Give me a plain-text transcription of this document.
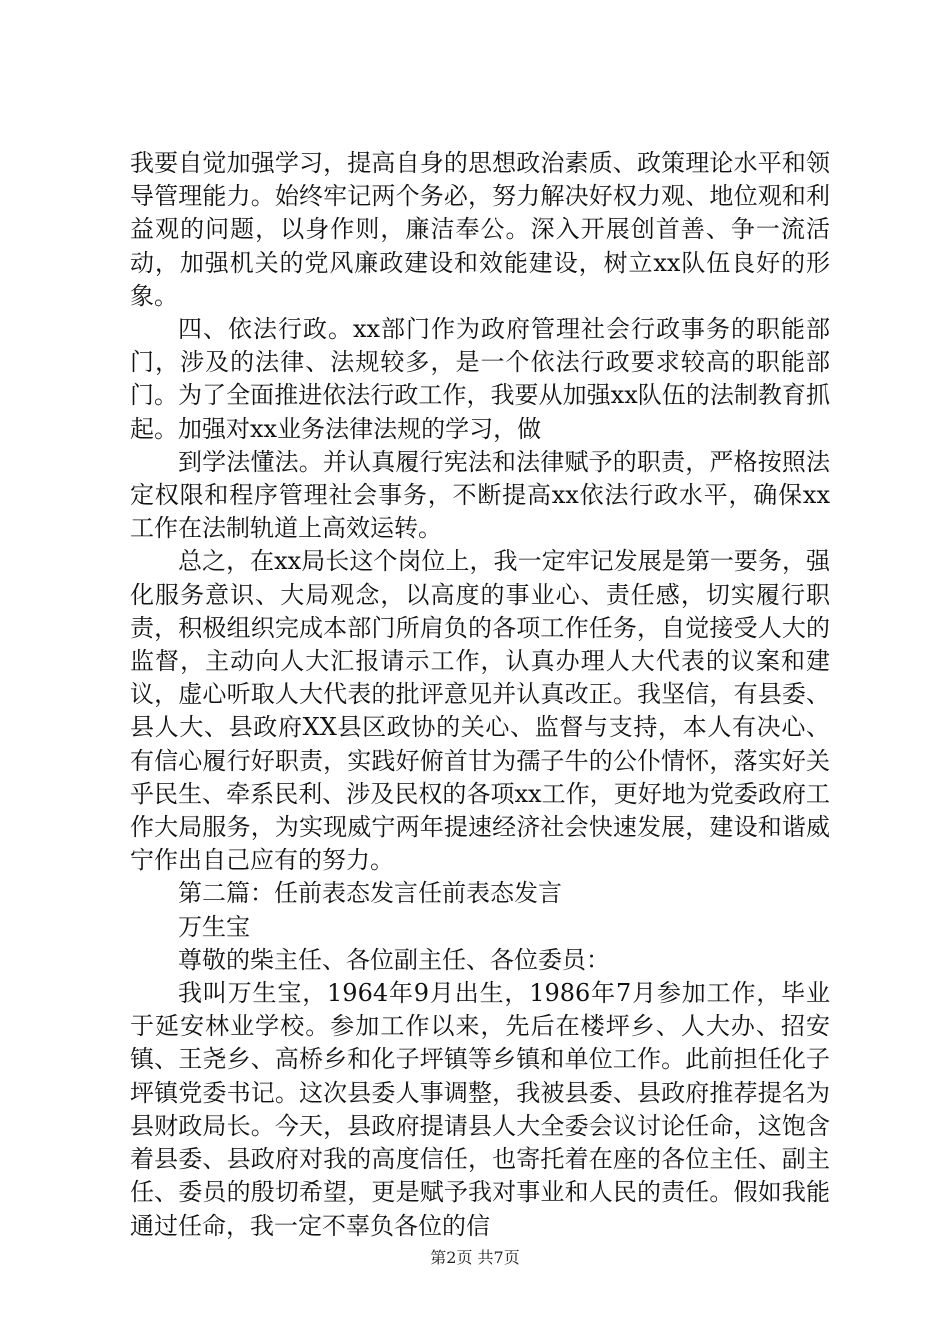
我要自觉加强学习，提高自身的思想政治素质、政策理论水平和领导管理能力。始终牢记两个务必，努力解决好权力观、地位观和利益观的问题，以身作则，廉洁奉公。深入开展创首善、争一流活动，加强机关的党风廉政建设和效能建设，树立xx队伍良好的形象。

四、依法行政。xx部门作为政府管理社会行政事务的职能部门，涉及的法律、法规较多，是一个依法行政要求较高的职能部门。为了全面推进依法行政工作，我要从加强xx队伍的法制教育抓起。加强对xx业务法律法规的学习，做

到学法懂法。并认真履行宪法和法律赋予的职责，严格按照法定权限和程序管理社会事务，不断提高xx依法行政水平，确保xx工作在法制轨道上高效运转。

总之，在xx局长这个岗位上，我一定牢记发展是第一要务，强化服务意识、大局观念，以高度的事业心、责任感，切实履行职责，积极组织完成本部门所肩负的各项工作任务，自觉接受人大的监督，主动向人大汇报请示工作，认真办理人大代表的议案和建议，虚心听取人大代表的批评意见并认真改正。我坚信，有县委、县人大、县政府XX县区政协的关心、监督与支持，本人有决心、有信心履行好职责，实践好俯首甘为孺子牛的公仆情怀，落实好关乎民生、牵系民利、涉及民权的各项xx工作，更好地为党委政府工作大局服务，为实现威宁两年提速经济社会快速发展，建设和谐威宁作出自己应有的努力。

第二篇：任前表态发言任前表态发言

万生宝

尊敬的柴主任、各位副主任、各位委员：

我叫万生宝，1964年9月出生，1986年7月参加工作，毕业于延安林业学校。参加工作以来，先后在楼坪乡、人大办、招安镇、王尧乡、高桥乡和化子坪镇等乡镇和单位工作。此前担任化子坪镇党委书记。这次县委人事调整，我被县委、县政府推荐提名为县财政局长。今天，县政府提请县人大全委会议讨论任命，这饱含着县委、县政府对我的高度信任，也寄托着在座的各位主任、副主任、委员的殷切希望，更是赋予我对事业和人民的责任。假如我能通过任命，我一定不辜负各位的信

第2页 共7页
